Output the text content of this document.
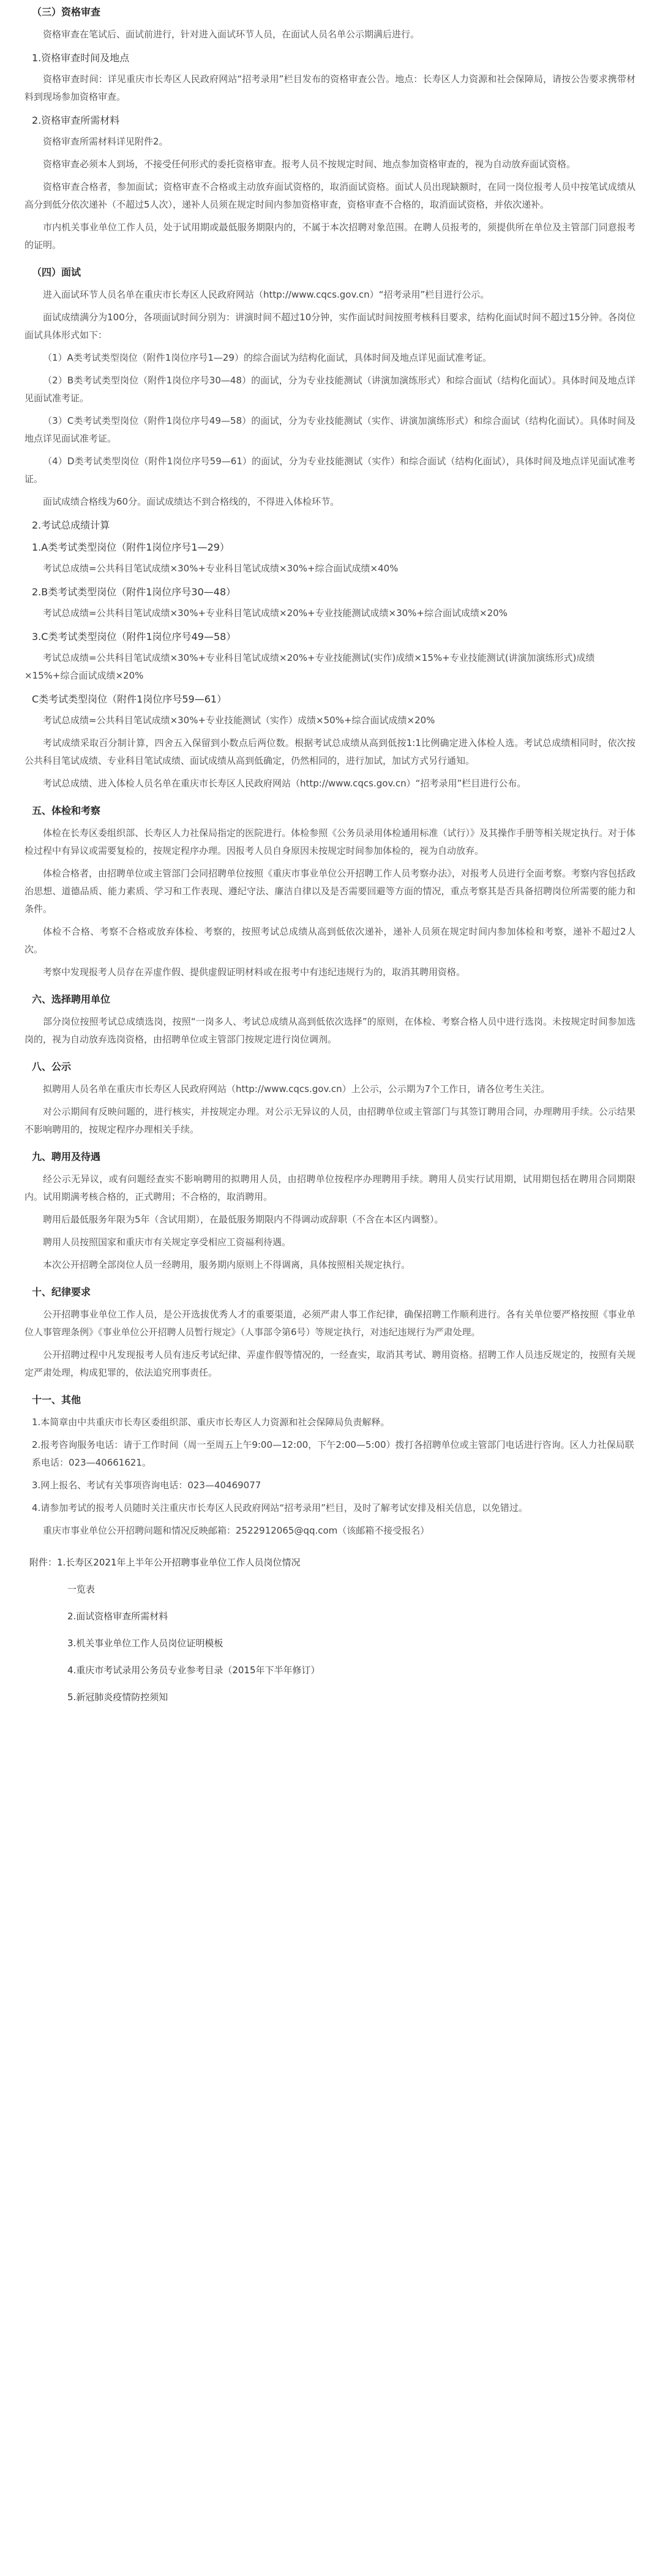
（三）资格审查

资格审查在笔试后、面试前进行，针对进入面试环节人员，在面试人员名单公示期满后进行。

1.资格审查时间及地点

资格审查时间：详见重庆市长寿区人民政府网站“招考录用”栏目发布的资格审查公告。地点：长寿区人力资源和社会保障局，请按公告要求携带材料到现场参加资格审查。

2.资格审查所需材料

资格审查所需材料详见附件2。

资格审查必须本人到场，不接受任何形式的委托资格审查。报考人员不按规定时间、地点参加资格审查的，视为自动放弃面试资格。

资格审查合格者，参加面试；资格审查不合格或主动放弃面试资格的，取消面试资格。面试人员出现缺额时，在同一岗位报考人员中按笔试成绩从高分到低分依次递补（不超过5人次），递补人员须在规定时间内参加资格审查，资格审查不合格的，取消面试资格，并依次递补。

市内机关事业单位工作人员，处于试用期或最低服务期限内的，不属于本次招聘对象范围。在聘人员报考的，须提供所在单位及主管部门同意报考的证明。

（四）面试

进入面试环节人员名单在重庆市长寿区人民政府网站（http://www.cqcs.gov.cn）“招考录用”栏目进行公示。

面试成绩满分为100分，各项面试时间分别为：讲演时间不超过10分钟，实作面试时间按照考核科目要求，结构化面试时间不超过15分钟。各岗位面试具体形式如下：

（1）A类考试类型岗位（附件1岗位序号1—29）的综合面试为结构化面试，具体时间及地点详见面试准考证。

（2）B类考试类型岗位（附件1岗位序号30—48）的面试，分为专业技能测试（讲演加演练形式）和综合面试（结构化面试）。具体时间及地点详见面试准考证。

（3）C类考试类型岗位（附件1岗位序号49—58）的面试，分为专业技能测试（实作、讲演加演练形式）和综合面试（结构化面试）。具体时间及地点详见面试准考证。

（4）D类考试类型岗位（附件1岗位序号59—61）的面试，分为专业技能测试（实作）和综合面试（结构化面试），具体时间及地点详见面试准考证。

面试成绩合格线为60分。面试成绩达不到合格线的，不得进入体检环节。

2.考试总成绩计算
1.A类考试类型岗位（附件1岗位序号1—29）
考试总成绩=公共科目笔试成绩×30%+专业科目笔试成绩×30%+综合面试成绩×40%
2.B类考试类型岗位（附件1岗位序号30—48）
考试总成绩=公共科目笔试成绩×30%+专业科目笔试成绩×20%+专业技能测试成绩×30%+综合面试成绩×20%
3.C类考试类型岗位（附件1岗位序号49—58）
考试总成绩=公共科目笔试成绩×30%+专业科目笔试成绩×20%+专业技能测试(实作)成绩×15%+专业技能测试(讲演加演练形式)成绩×15%+综合面试成绩×20%
C类考试类型岗位（附件1岗位序号59—61）
考试总成绩=公共科目笔试成绩×30%+专业技能测试（实作）成绩×50%+综合面试成绩×20%

考试成绩采取百分制计算，四舍五入保留到小数点后两位数。根据考试总成绩从高到低按1:1比例确定进入体检人选。考试总成绩相同时，依次按公共科目笔试成绩、专业科目笔试成绩、面试成绩从高到低确定，仍然相同的，进行加试，加试方式另行通知。

考试总成绩、进入体检人员名单在重庆市长寿区人民政府网站（http://www.cqcs.gov.cn）“招考录用”栏目进行公布。

五、体检和考察

体检在长寿区委组织部、长寿区人力社保局指定的医院进行。体检参照《公务员录用体检通用标准（试行）》及其操作手册等相关规定执行。对于体检过程中有异议或需要复检的，按规定程序办理。因报考人员自身原因未按规定时间参加体检的，视为自动放弃。

体检合格者，由招聘单位或主管部门会同招聘单位按照《重庆市事业单位公开招聘工作人员考察办法》，对报考人员进行全面考察。考察内容包括政治思想、道德品质、能力素质、学习和工作表现、遵纪守法、廉洁自律以及是否需要回避等方面的情况，重点考察其是否具备招聘岗位所需要的能力和条件。

体检不合格、考察不合格或放弃体检、考察的，按照考试总成绩从高到低依次递补，递补人员须在规定时间内参加体检和考察，递补不超过2人次。

考察中发现报考人员存在弄虚作假、提供虚假证明材料或在报考中有违纪违规行为的，取消其聘用资格。

六、选择聘用单位

部分岗位按照考试总成绩选岗，按照“一岗多人、考试总成绩从高到低依次选择”的原则，在体检、考察合格人员中进行选岗。未按规定时间参加选岗的，视为自动放弃选岗资格，由招聘单位或主管部门按规定进行岗位调剂。

八、公示

拟聘用人员名单在重庆市长寿区人民政府网站（http://www.cqcs.gov.cn）上公示，公示期为7个工作日，请各位考生关注。

对公示期间有反映问题的，进行核实，并按规定办理。对公示无异议的人员，由招聘单位或主管部门与其签订聘用合同，办理聘用手续。公示结果不影响聘用的，按规定程序办理相关手续。

九、聘用及待遇

经公示无异议，或有问题经查实不影响聘用的拟聘用人员，由招聘单位按程序办理聘用手续。聘用人员实行试用期，试用期包括在聘用合同期限内。试用期满考核合格的，正式聘用；不合格的，取消聘用。

聘用后最低服务年限为5年（含试用期），在最低服务期限内不得调动或辞职（不含在本区内调整）。

聘用人员按照国家和重庆市有关规定享受相应工资福利待遇。

本次公开招聘全部岗位人员一经聘用，服务期内原则上不得调离，具体按照相关规定执行。

十、纪律要求

公开招聘事业单位工作人员，是公开选拔优秀人才的重要渠道，必须严肃人事工作纪律，确保招聘工作顺利进行。各有关单位要严格按照《事业单位人事管理条例》《事业单位公开招聘人员暂行规定》（人事部令第6号）等规定执行，对违纪违规行为严肃处理。

公开招聘过程中凡发现报考人员有违反考试纪律、弄虚作假等情况的，一经查实，取消其考试、聘用资格。招聘工作人员违反规定的，按照有关规定严肃处理，构成犯罪的，依法追究刑事责任。

十一、其他

1.本简章由中共重庆市长寿区委组织部、重庆市长寿区人力资源和社会保障局负责解释。

2.报考咨询服务电话：请于工作时间（周一至周五上午9:00—12:00，下午2:00—5:00）拨打各招聘单位或主管部门电话进行咨询。区人力社保局联系电话：023—40661621。

3.网上报名、考试有关事项咨询电话：023—40469077

4.请参加考试的报考人员随时关注重庆市长寿区人民政府网站“招考录用”栏目，及时了解考试安排及相关信息，以免错过。

重庆市事业单位公开招聘问题和情况反映邮箱：2522912065@qq.com（该邮箱不接受报名）

附件：1.长寿区2021年上半年公开招聘事业单位工作人员岗位情况
一览表
2.面试资格审查所需材料
3.机关事业单位工作人员岗位证明模板
4.重庆市考试录用公务员专业参考目录（2015年下半年修订）
5.新冠肺炎疫情防控须知
